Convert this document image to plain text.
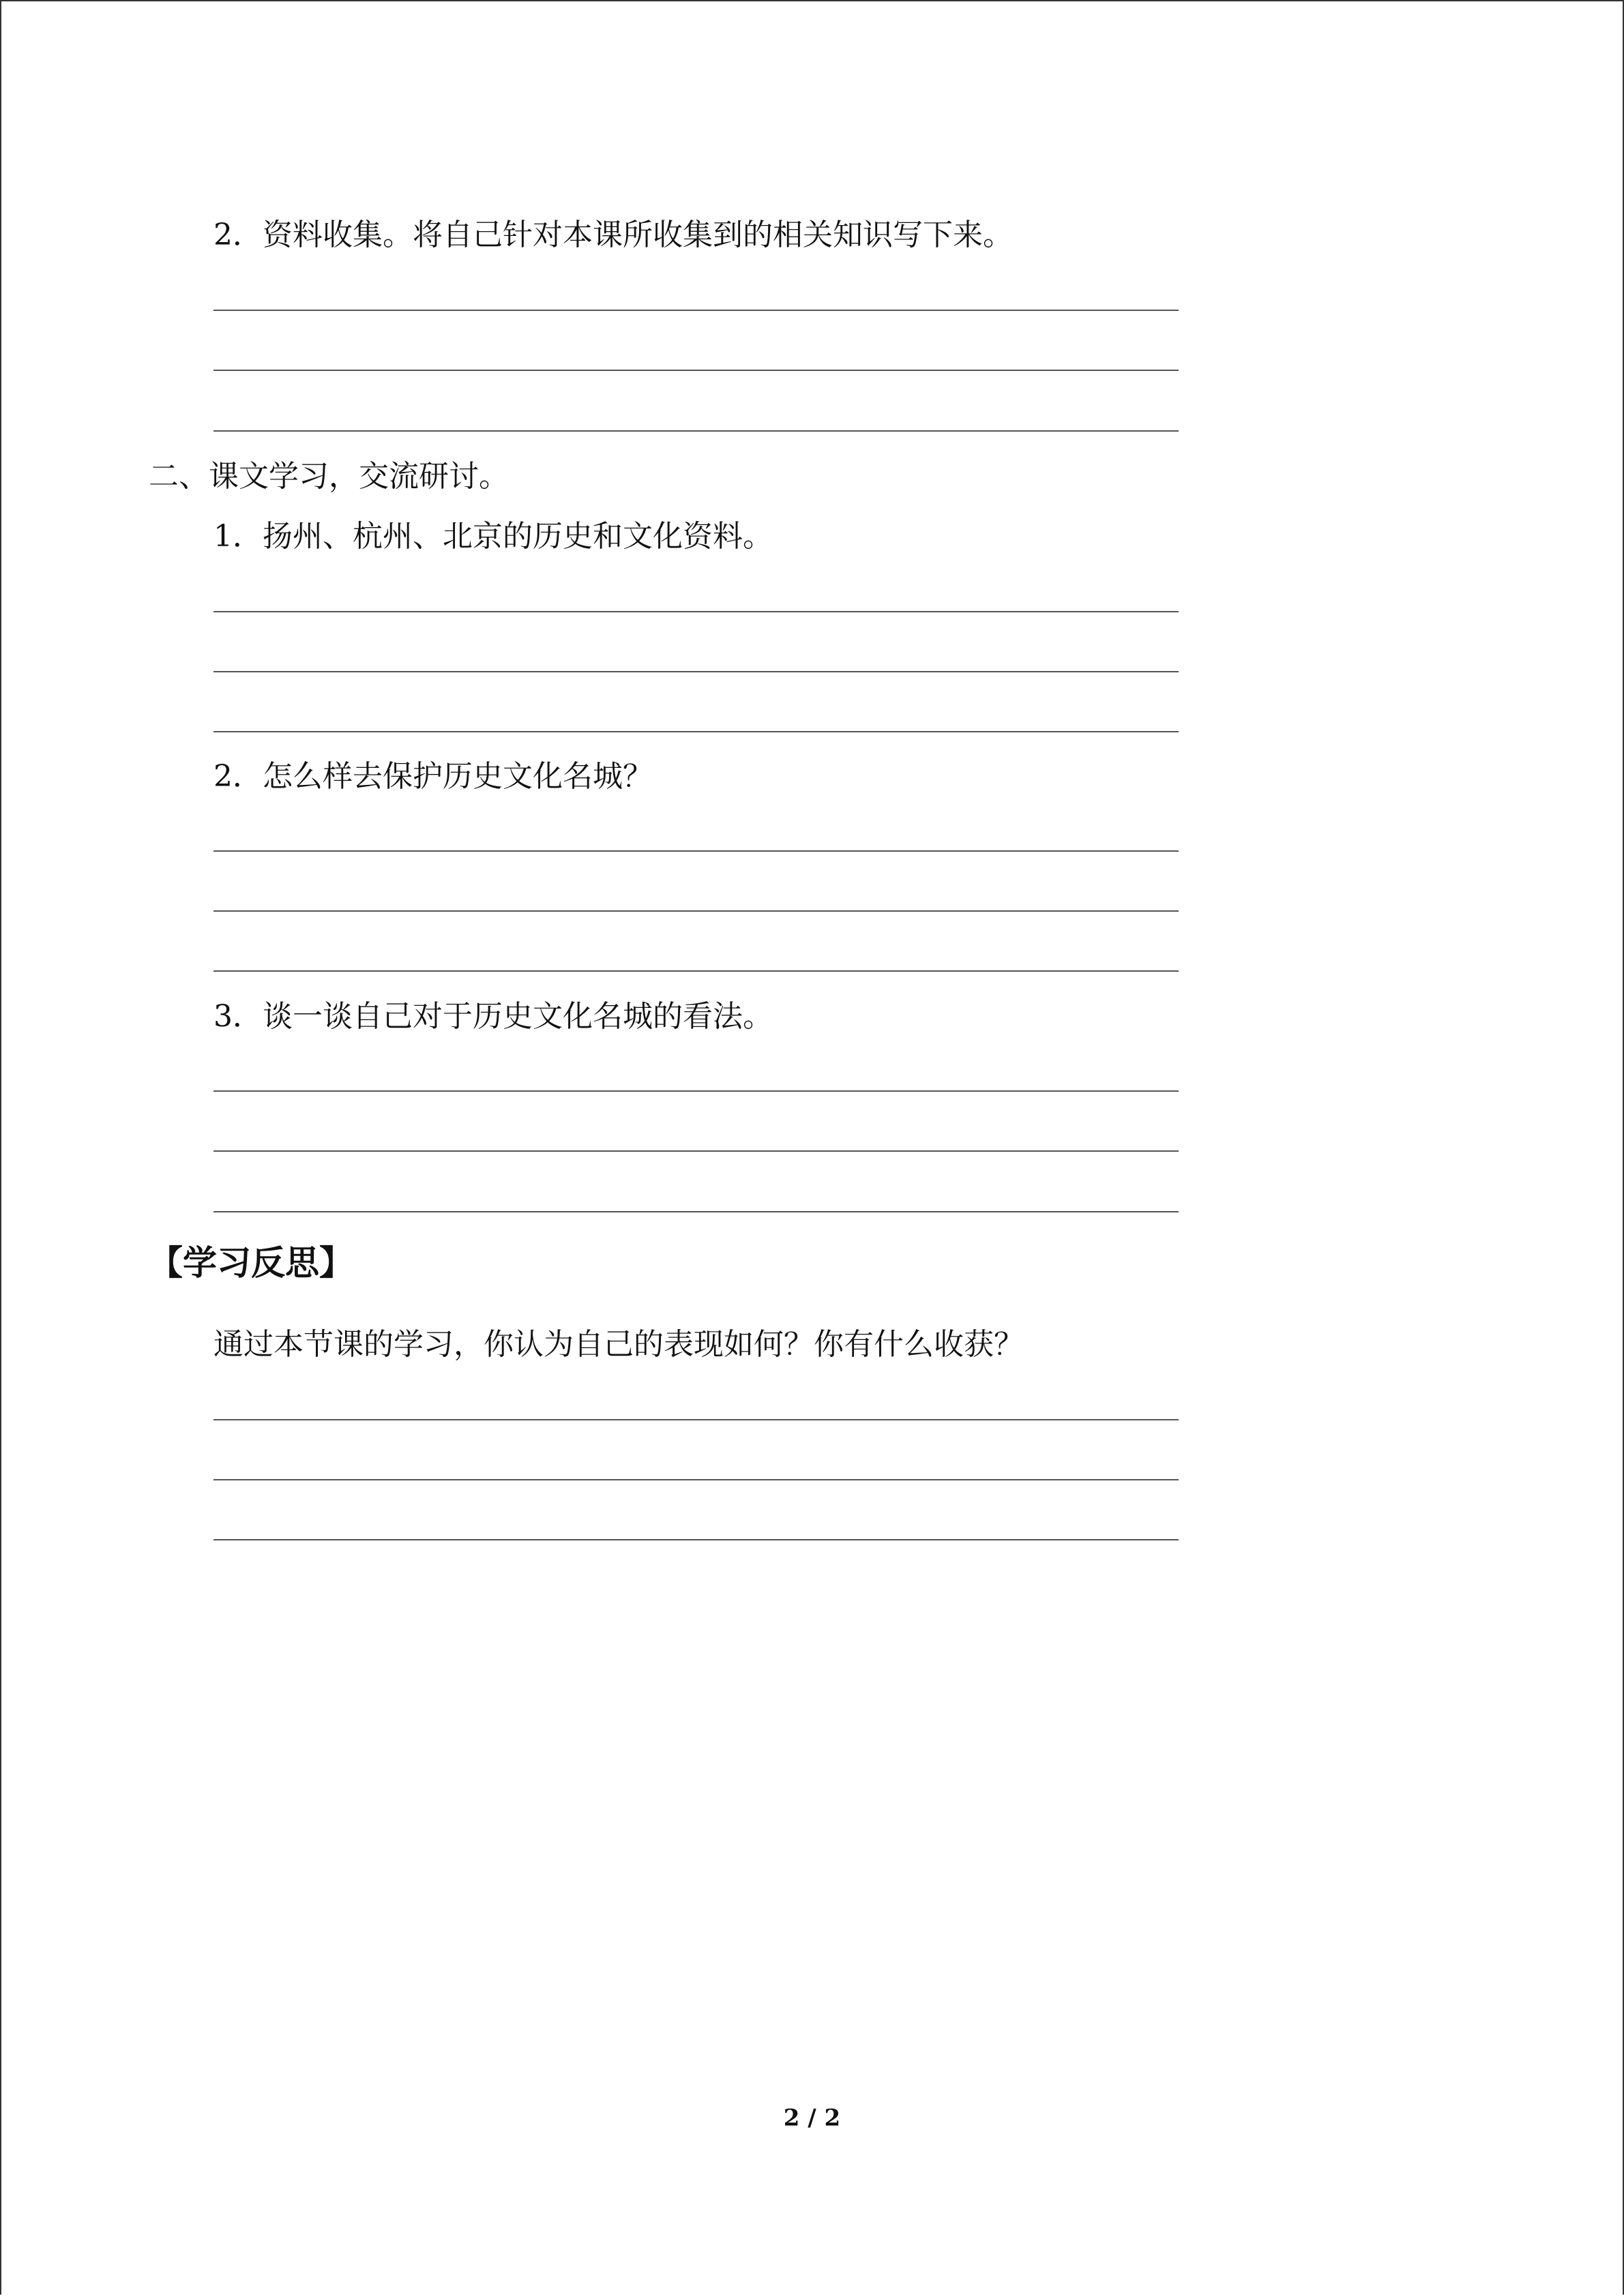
2．资料收集。将自己针对本课所收集到的相关知识写下来。
二、课文学习，交流研讨。
1．扬州、杭州、北京的历史和文化资料。
2．怎么样去保护历史文化名城？
3．谈一谈自己对于历史文化名城的看法。
【学习反思】
通过本节课的学习，你认为自己的表现如何？你有什么收获？
2 / 2
